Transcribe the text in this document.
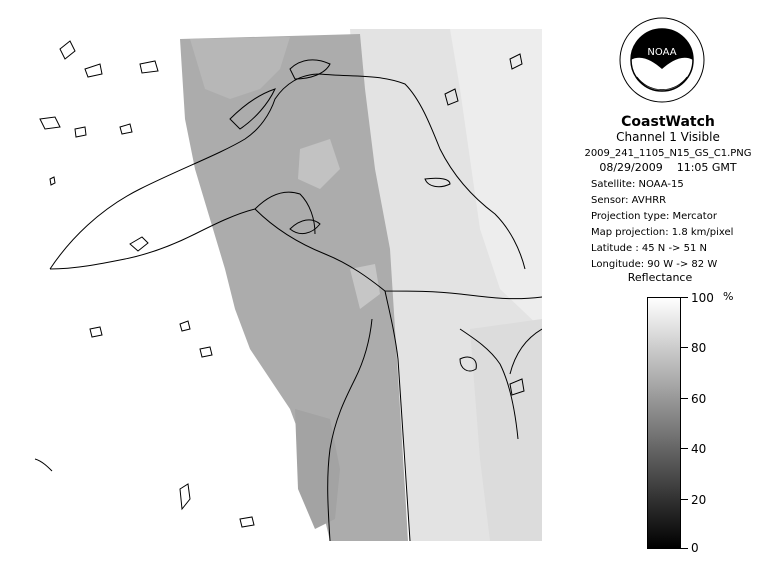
NOAA
CoastWatch
Channel 1 Visible
2009_241_1105_N15_GS_C1.PNG
08/29/2009    11:05 GMT
Satellite: NOAA-15
Sensor: AVHRR
Projection type: Mercator
Map projection: 1.8 km/pixel
Latitude : 45 N -> 51 N
Longitude: 90 W -> 82 W
Reflectance
%
100
80
60
40
20
0
